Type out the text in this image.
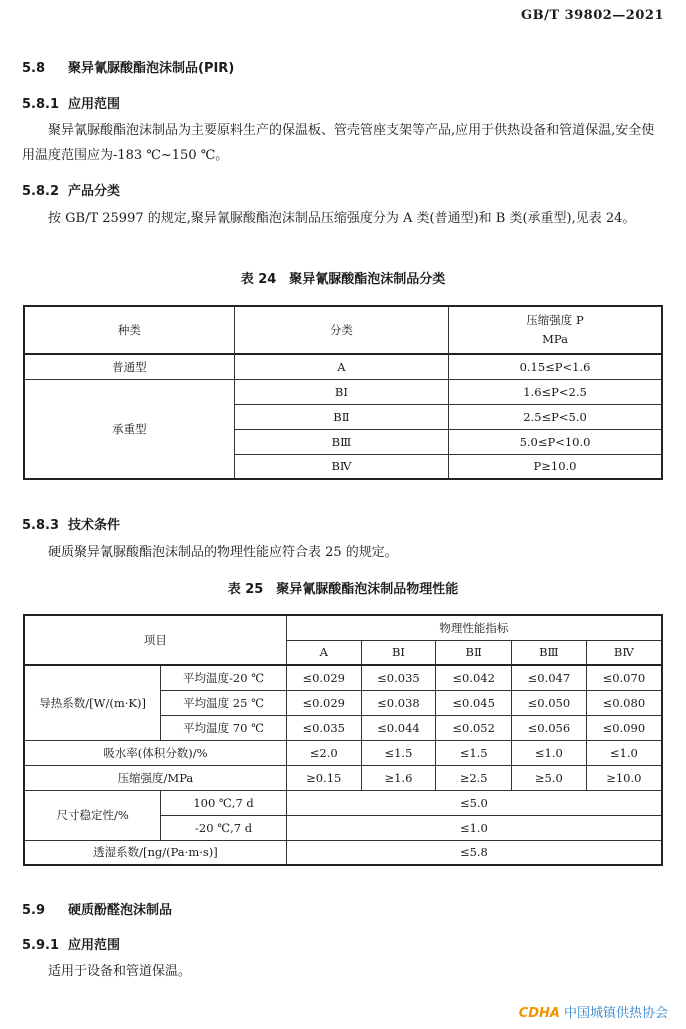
GB/T 39802—2021
5.8 聚异氰脲酸酯泡沫制品(PIR)
5.8.1 应用范围
聚异氰脲酸酯泡沫制品为主要原料生产的保温板、管壳管座支架等产品,应用于供热设备和管道保温,安全使用温度范围应为-183 ℃~150 ℃。
5.8.2 产品分类
按 GB/T 25997 的规定,聚异氰脲酸酯泡沫制品压缩强度分为 A 类(普通型)和 B 类(承重型),见表 24。
表 24　聚异氰脲酸酯泡沫制品分类
种类	分类	压缩强度 P
MPa

普通型	A	0.15≤P<1.6
承重型	BⅠ	1.6≤P<2.5
	BⅡ	2.5≤P<5.0
	BⅢ	5.0≤P<10.0
	BⅣ	P≥10.0
5.8.3 技术条件
硬质聚异氰脲酸酯泡沫制品的物理性能应符合表 25 的规定。
表 25　聚异氰脲酸酯泡沫制品物理性能
项目		物理性能指标				
		A	BⅠ	BⅡ	BⅢ	BⅣ
导热系数/[W/(m·K)]	平均温度-20 ℃	≤0.029	≤0.035	≤0.042	≤0.047	≤0.070
	平均温度 25 ℃	≤0.029	≤0.038	≤0.045	≤0.050	≤0.080
	平均温度 70 ℃	≤0.035	≤0.044	≤0.052	≤0.056	≤0.090
吸水率(体积分数)/%		≤2.0	≤1.5	≤1.5	≤1.0	≤1.0
压缩强度/MPa		≥0.15	≥1.6	≥2.5	≥5.0	≥10.0
尺寸稳定性/%	100 ℃,7 d	≤5.0				
	-20 ℃,7 d	≤1.0				
透湿系数/[ng/(Pa·m·s)]		≤5.8				
5.9 硬质酚醛泡沫制品
5.9.1 应用范围
适用于设备和管道保温。
CDHA 中国城镇供热协会
